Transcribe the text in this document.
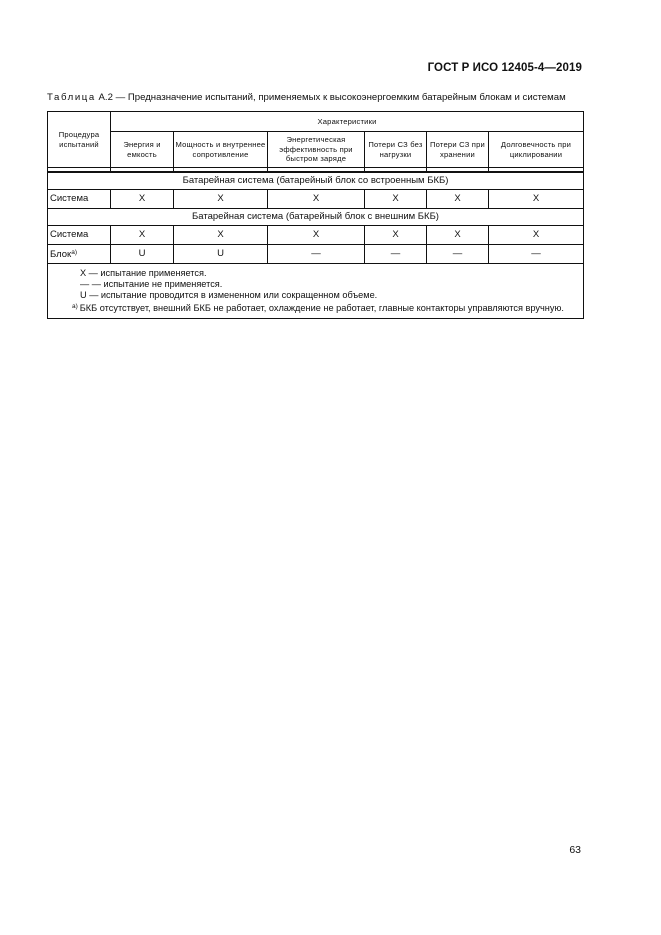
ГОСТ Р ИСО 12405-4—2019
Таблица А.2 — Предназначение испытаний, применяемых к высокоэнергоемким батарейным блокам и системам
Процедура испытаний	Характеристики					
	Энергия и емкость	Мощность и внутреннее сопротивление	Энергетическая эффективность при быстром заряде	Потери СЗ без нагрузки	Потери СЗ при хранении	Долговечность при циклировании

Батарейная система (батарейный блок со встроенным БКБ)						
Система	X	X	X	X	X	X
Батарейная система (батарейный блок с внешним БКБ)						
Система	X	X	X	X	X	X
Блок$^{а)}$	U	U	—	—	—	—

X — испытание применяется.
— — испытание не применяется.
U — испытание проводится в измененном или сокращенном объеме.
$^{а)}$ БКБ отсутствует, внешний БКБ не работает, охлаждение не работает, главные контакторы управляются вручную.						
63
